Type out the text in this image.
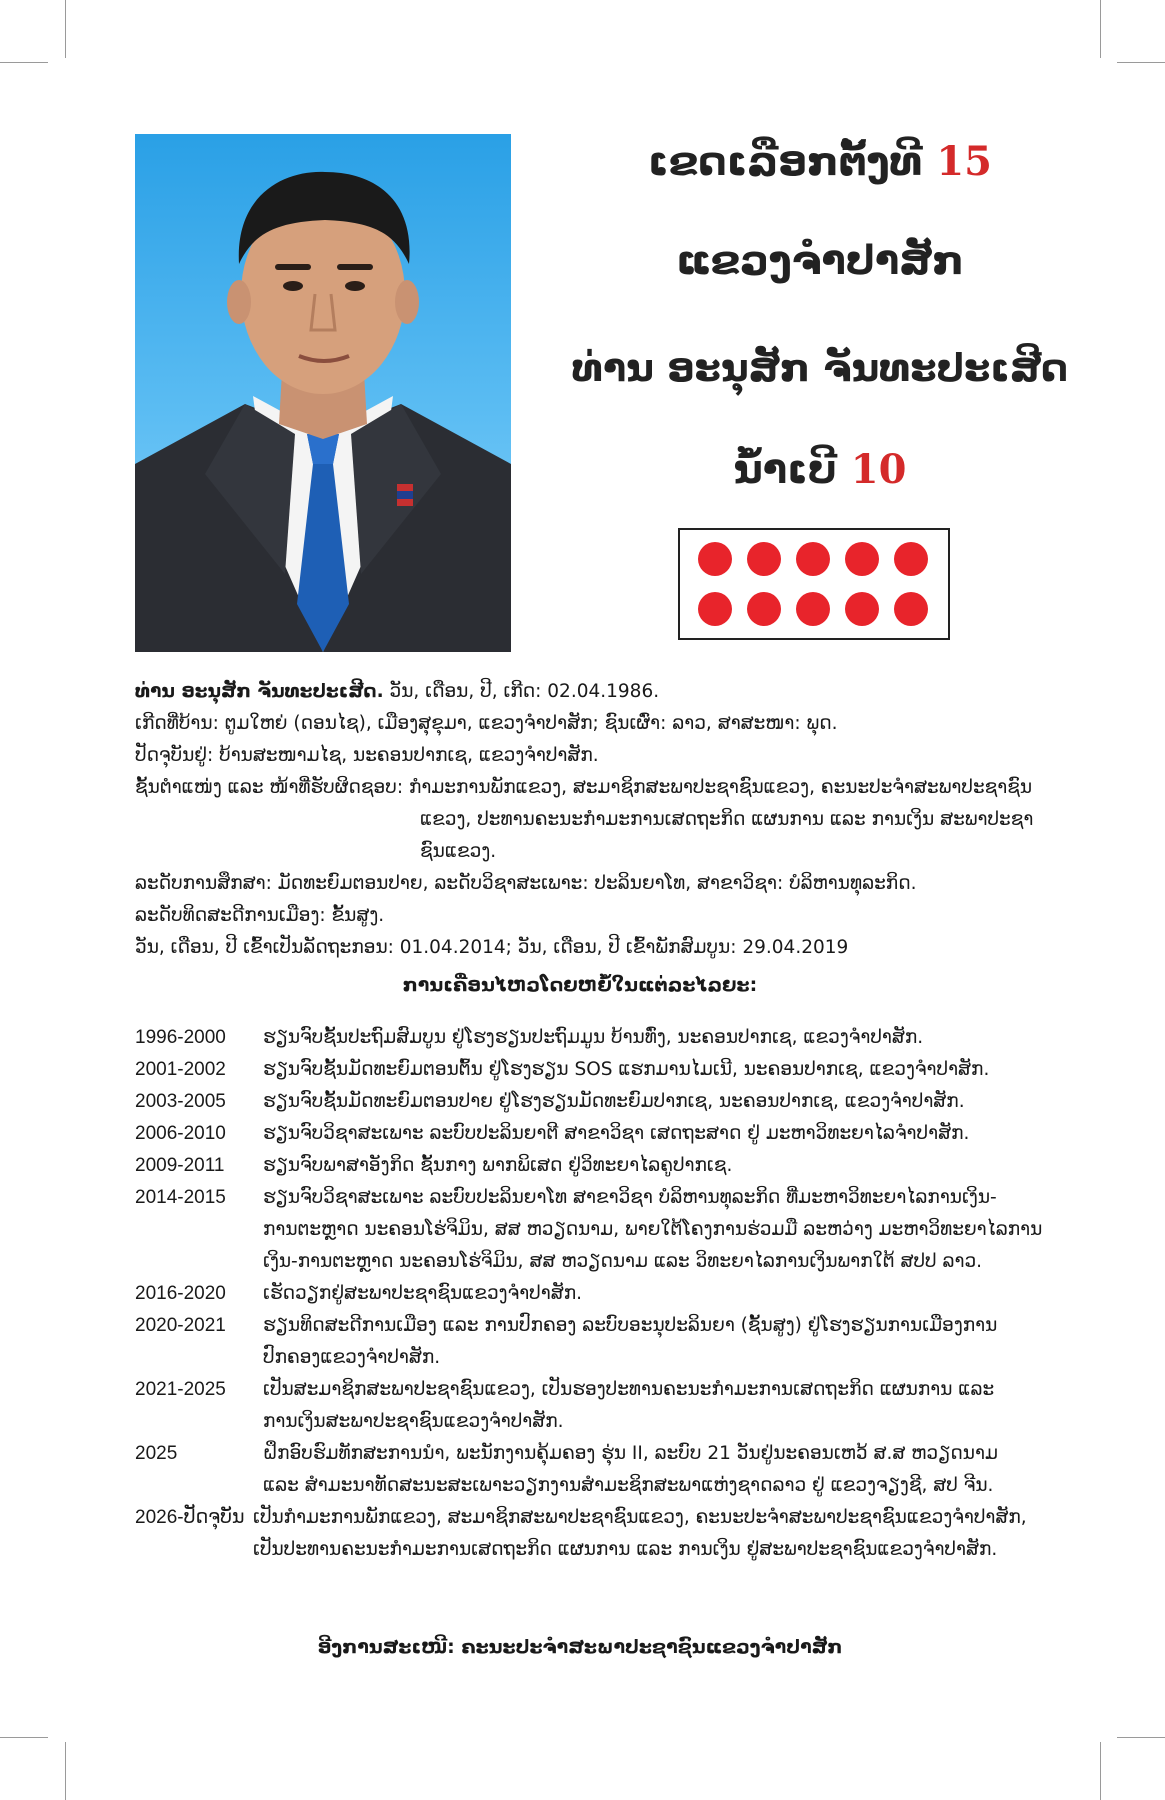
ເຂດເລືອກຕັ້ງທີ 15
ແຂວງຈຳປາສັກ
ທ່ານ ອະນຸສັກ ຈັນທະປະເສີດ
ນໍ້າເບີ 10
ທ່ານ ອະນຸສັກ ຈັນທະປະເສີດ. ວັນ, ເດືອນ, ປີ, ເກີດ: 02.04.1986.
ເກີດທີ່ບ້ານ: ຕູມໃຫຍ່ (ດອນໄຊ), ເມືອງສຸຂຸມາ, ແຂວງຈຳປາສັກ; ຊົນເຜົ່າ: ລາວ, ສາສະໜາ: ພຸດ.
ປັດຈຸບັນຢູ່: ບ້ານສະໜາມໄຊ, ນະຄອນປາກເຊ, ແຂວງຈຳປາສັກ.
ຊັ້ນຕຳແໜ່ງ ແລະ ໜ້າທີ່ຮັບຜິດຊອບ: ກຳມະການພັກແຂວງ, ສະມາຊິກສະພາປະຊາຊົນແຂວງ, ຄະນະປະຈຳສະພາປະຊາຊົນ
ແຂວງ, ປະທານຄະນະກຳມະການເສດຖະກິດ ແຜນການ ແລະ ການເງິນ ສະພາປະຊາ
ຊົນແຂວງ.
ລະດັບການສຶກສາ: ມັດທະຍົມຕອນປາຍ, ລະດັບວິຊາສະເພາະ: ປະລິນຍາໂທ, ສາຂາວິຊາ: ບໍລິຫານທຸລະກິດ.
ລະດັບທິດສະດີການເມືອງ: ຂັ້ນສູງ.
ວັນ, ເດືອນ, ປີ ເຂົ້າເປັນລັດຖະກອນ: 01.04.2014; ວັນ, ເດືອນ, ປີ ເຂົ້າພັກສົມບູນ: 29.04.2019
ການເຄື່ອນໄຫວໂດຍຫຍໍ້ໃນແຕ່ລະໄລຍະ:
1996-2000 ຮຽນຈົບຊັ້ນປະຖົມສົມບູນ ຢູ່ໂຮງຮຽນປະຖົມມູນ ບ້ານທົ່ງ, ນະຄອນປາກເຊ, ແຂວງຈຳປາສັກ.
2001-2002 ຮຽນຈົບຊັ້ນມັດທະຍົມຕອນຕົ້ນ ຢູ່ໂຮງຮຽນ SOS ແຮກມານໄມເນີ, ນະຄອນປາກເຊ, ແຂວງຈຳປາສັກ.
2003-2005 ຮຽນຈົບຊັ້ນມັດທະຍົມຕອນປາຍ ຢູ່ໂຮງຮຽນມັດທະຍົມປາກເຊ, ນະຄອນປາກເຊ, ແຂວງຈຳປາສັກ.
2006-2010 ຮຽນຈົບວິຊາສະເພາະ ລະບົບປະລິນຍາຕີ ສາຂາວິຊາ ເສດຖະສາດ ຢູ່ ມະຫາວິທະຍາໄລຈຳປາສັກ.
2009-2011 ຮຽນຈົບພາສາອັງກິດ ຊັ້ນກາງ ພາກພິເສດ ຢູ່ວິທະຍາໄລຄູປາກເຊ.
2014-2015 ຮຽນຈົບວິຊາສະເພາະ ລະບົບປະລິນຍາໂທ ສາຂາວິຊາ ບໍລິຫານທຸລະກິດ ທີ່ມະຫາວິທະຍາໄລການເງິນ-
ການຕະຫຼາດ ນະຄອນໂຮ່ຈິມິນ, ສສ ຫວຽດນາມ, ພາຍໃຕ້ໂຄງການຮ່ວມມື ລະຫວ່າງ ມະຫາວິທະຍາໄລການ
ເງິນ-ການຕະຫຼາດ ນະຄອນໂຮ່ຈິມິນ, ສສ ຫວຽດນາມ ແລະ ວິທະຍາໄລການເງິນພາກໃຕ້ ສປປ ລາວ.
2016-2020 ເຮັດວຽກຢູ່ສະພາປະຊາຊົນແຂວງຈຳປາສັກ.
2020-2021 ຮຽນທິດສະດີການເມືອງ ແລະ ການປົກຄອງ ລະບົບອະນຸປະລິນຍາ (ຊັ້ນສູງ) ຢູ່ໂຮງຮຽນການເມືອງການ
ປົກຄອງແຂວງຈຳປາສັກ.
2021-2025 ເປັນສະມາຊິກສະພາປະຊາຊົນແຂວງ, ເປັນຮອງປະທານຄະນະກຳມະການເສດຖະກິດ ແຜນການ ແລະ
ການເງິນສະພາປະຊາຊົນແຂວງຈຳປາສັກ.
2025	ຝຶກອົບຮົມທັກສະການນຳ, ພະນັກງານຄຸ້ມຄອງ ຮຸ່ນ II, ລະບົບ 21 ວັນຢູ່ນະຄອນເຫວ້ ສ.ສ ຫວຽດນາມ
ແລະ ສຳມະນາທັດສະນະສະເພາະວຽກງານສຳມະຊິກສະພາແຫ່ງຊາດລາວ ຢູ່ ແຂວງຈຽງຊີ, ສປ ຈີນ.
2026-ປັດຈຸບັນ ເປັນກຳມະການພັກແຂວງ, ສະມາຊິກສະພາປະຊາຊົນແຂວງ, ຄະນະປະຈຳສະພາປະຊາຊົນແຂວງຈຳປາສັກ,
ເປັນປະທານຄະນະກຳມະການເສດຖະກິດ ແຜນການ ແລະ ການເງິນ ຢູ່ສະພາປະຊາຊົນແຂວງຈຳປາສັກ.
ອີງການສະເໜີ: ຄະນະປະຈຳສະພາປະຊາຊົນແຂວງຈຳປາສັກ
